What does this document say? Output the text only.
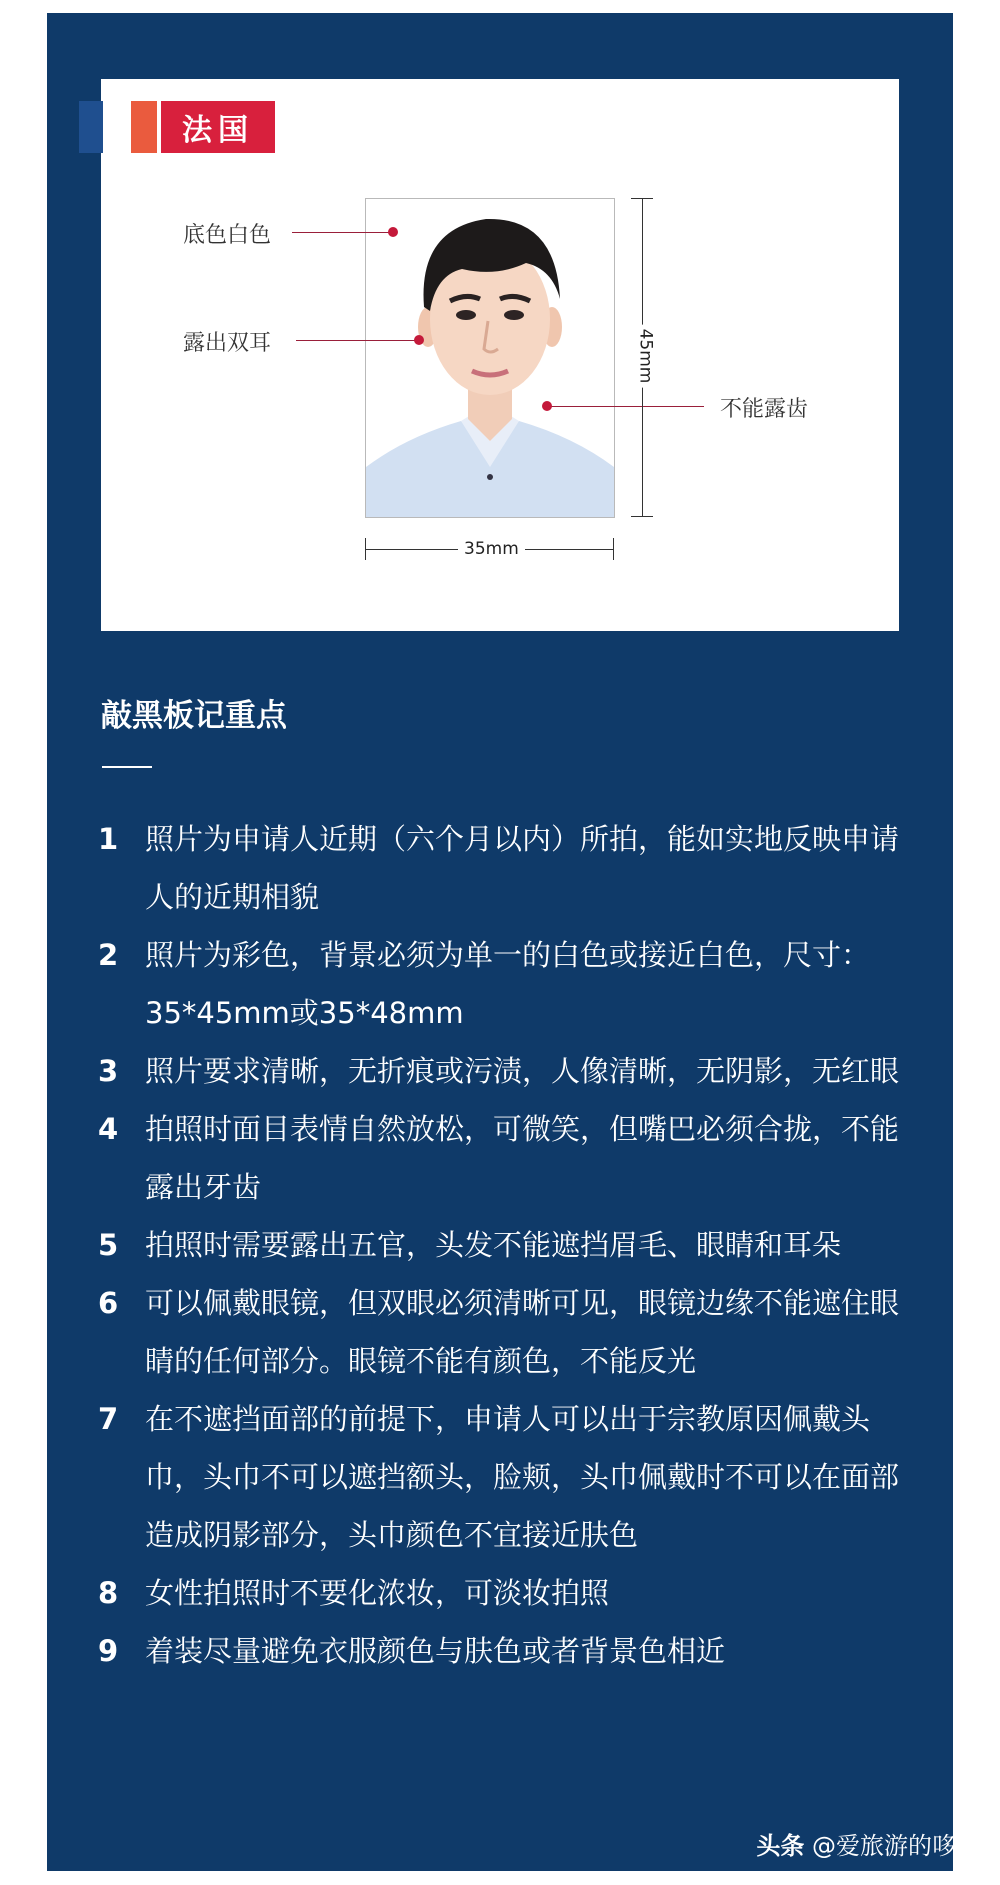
法国
底色白色
露出双耳
不能露齿
45mm
35mm
敲黑板记重点
1 照片为申请人近期（六个月以内）所拍，能如实地反映申请人的近期相貌
2 照片为彩色，背景必须为单一的白色或接近白色，尺寸：35*45mm或35*48mm
3 照片要求清晰，无折痕或污渍，人像清晰，无阴影，无红眼
4 拍照时面目表情自然放松，可微笑，但嘴巴必须合拢，不能露出牙齿
5 拍照时需要露出五官，头发不能遮挡眉毛、眼睛和耳朵
6 可以佩戴眼镜，但双眼必须清晰可见，眼镜边缘不能遮住眼睛的任何部分。眼镜不能有颜色，不能反光
7 在不遮挡面部的前提下，申请人可以出于宗教原因佩戴头巾，头巾不可以遮挡额头，脸颊，头巾佩戴时不可以在面部造成阴影部分，头巾颜色不宜接近肤色
8 女性拍照时不要化浓妆，可淡妆拍照
9 着装尽量避免衣服颜色与肤色或者背景色相近
头条 @爱旅游的哆啦
